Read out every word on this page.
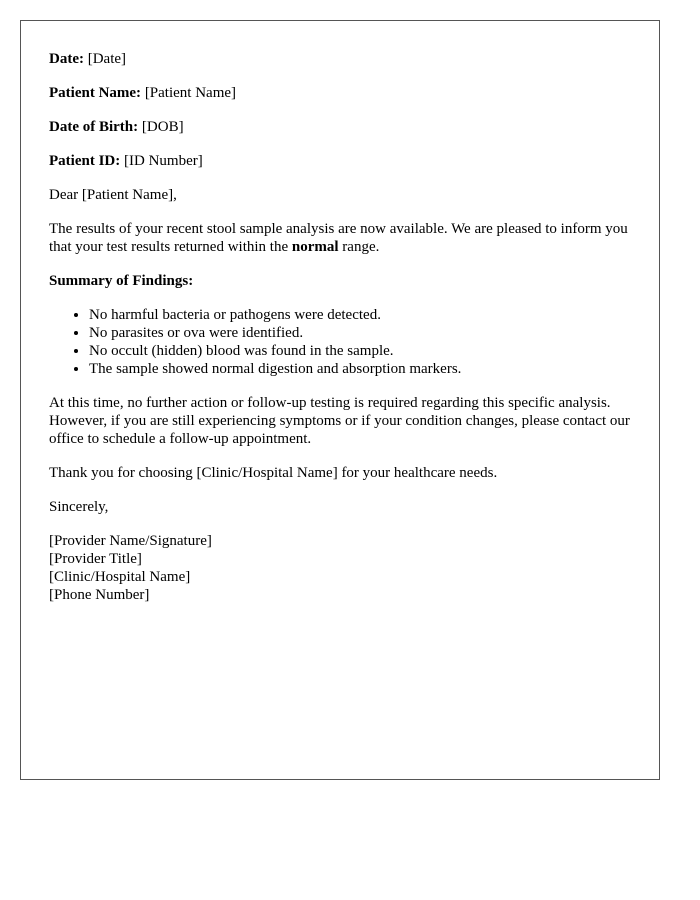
Date: [Date]

Patient Name: [Patient Name]

Date of Birth: [DOB]

Patient ID: [ID Number]

Dear [Patient Name],

The results of your recent stool sample analysis are now available. We are pleased to inform you that your test results returned within the normal range.

Summary of Findings:

• No harmful bacteria or pathogens were detected.
• No parasites or ova were identified.
• No occult (hidden) blood was found in the sample.
• The sample showed normal digestion and absorption markers.

At this time, no further action or follow-up testing is required regarding this specific analysis. However, if you are still experiencing symptoms or if your condition changes, please contact our office to schedule a follow-up appointment.

Thank you for choosing [Clinic/Hospital Name] for your healthcare needs.

Sincerely,

[Provider Name/Signature]
[Provider Title]
[Clinic/Hospital Name]
[Phone Number]
